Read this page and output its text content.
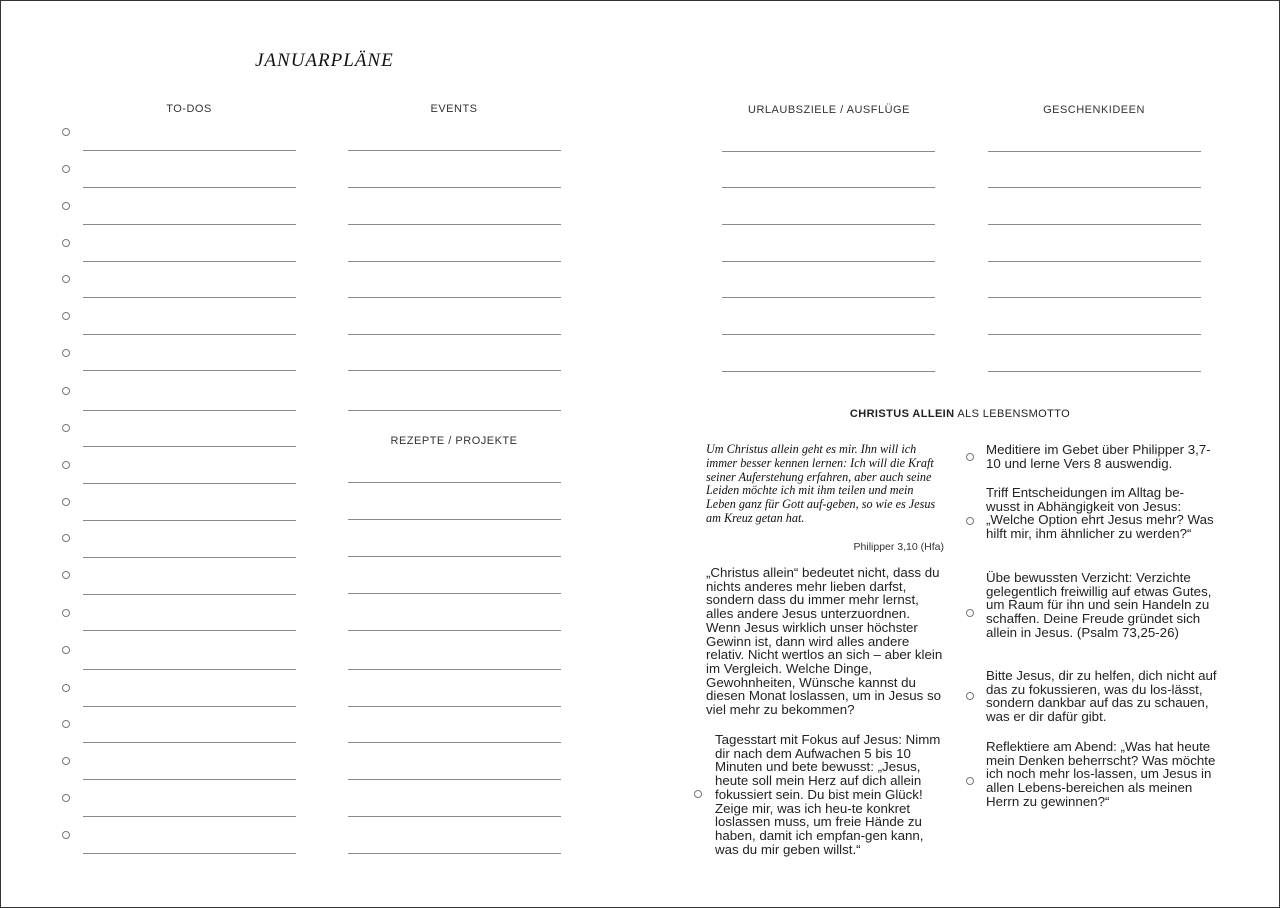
JANUARPLÄNE
TO-DOS	EVENTS
REZEPTE / PROJEKTE
URLAUBSZIELE / AUSFLÜGE	GESCHENKIDEEN
CHRISTUS ALLEIN ALS LEBENSMOTTO
Um Christus allein geht es mir. Ihn will ich immer besser kennen lernen: Ich will die Kraft seiner Auferstehung erfahren, aber auch seine Leiden möchte ich mit ihm teilen und mein Leben ganz für Gott auf-geben, so wie es Jesus am Kreuz getan hat.
Philipper 3,10 (Hfa)
„Christus allein“ bedeutet nicht, dass du nichts anderes mehr lieben darfst, sondern dass du immer mehr lernst, alles andere Jesus unterzuordnen. Wenn Jesus wirklich unser höchster Gewinn ist, dann wird alles andere relativ. Nicht wertlos an sich – aber klein im Vergleich. Welche Dinge, Gewohnheiten, Wünsche kannst du diesen Monat loslassen, um in Jesus so viel mehr zu bekommen?
Tagesstart mit Fokus auf Jesus: Nimm dir nach dem Aufwachen 5 bis 10 Minuten und bete bewusst: „Jesus, heute soll mein Herz auf dich allein fokussiert sein. Du bist mein Glück! Zeige mir, was ich heu-te konkret loslassen muss, um freie Hände zu haben, damit ich empfan-gen kann, was du mir geben willst.“
Meditiere im Gebet über Philipper 3,7-10 und lerne Vers 8 auswendig.
Triff Entscheidungen im Alltag be-wusst in Abhängigkeit von Jesus: „Welche Option ehrt Jesus mehr? Was hilft mir, ihm ähnlicher zu werden?“
Übe bewussten Verzicht: Verzichte gelegentlich freiwillig auf etwas Gutes, um Raum für ihn und sein Handeln zu schaffen. Deine Freude gründet sich allein in Jesus. (Psalm 73,25-26)
Bitte Jesus, dir zu helfen, dich nicht auf das zu fokussieren, was du los-lässt, sondern dankbar auf das zu schauen, was er dir dafür gibt.
Reflektiere am Abend: „Was hat heute mein Denken beherrscht? Was möchte ich noch mehr los-lassen, um Jesus in allen Lebens-bereichen als meinen Herrn zu gewinnen?“
